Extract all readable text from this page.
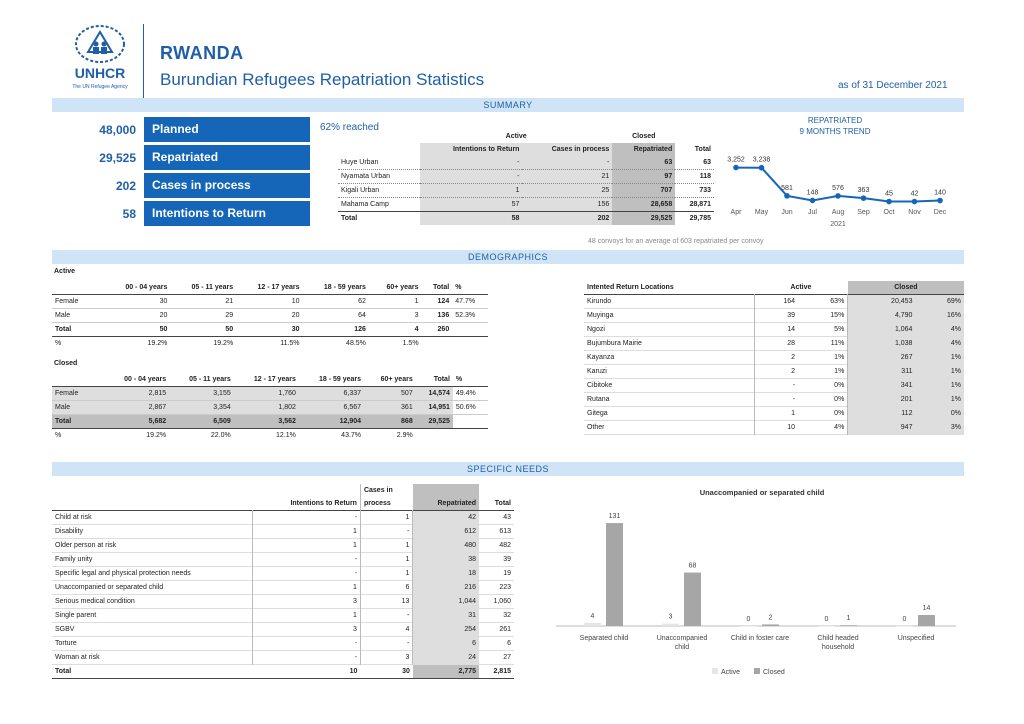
UNHCR
The UN Refugee Agency
RWANDA
Burundian Refugees Repatriation Statistics	as of 31 December 2021
SUMMARY
48,000	Planned
29,525	Repatriated
202	Cases in process
58	Intentions to Return
62% reached
	Active		Closed	
	Intentions to Return	Cases in process	Repatriated	Total
Huye Urban	-	-	63	63
Nyamata Urban	-	21	97	118
Kigali Urban	1	25	707	733
Mahama Camp	57	156	28,658	28,871
Total	58	202	29,525	29,785
48 convoys for an average of 603 repatriated per convoy
REPATRIATED
9 MONTHS TREND
3,252
Apr
3,238
May
581
Jun
148
Jul
576
Aug
363
Sep
45
Oct
42
Nov
140
Dec
2021
DEMOGRAPHICS
Active
	00 - 04 years	05 - 11 years	12 - 17 years	18 - 59 years	60+ years	Total	%
Female	30	21	10	62	1	124	47.7%
Male	20	29	20	64	3	136	52.3%
Total	50	50	30	126	4	260	
%	19.2%	19.2%	11.5%	48.5%	1.5%		
Closed
	00 - 04 years	05 - 11 years	12 - 17 years	18 - 59 years	60+ years	Total	%
Female	2,815	3,155	1,760	6,337	507	14,574	49.4%
Male	2,867	3,354	1,802	6,567	361	14,951	50.6%
Total	5,682	6,509	3,562	12,904	868	29,525	
%	19.2%	22.0%	12.1%	43.7%	2.9%		
Intented Return Locations	Active		Closed	
Kirundo	164	63%	20,453	69%
Muyinga	39	15%	4,790	16%
Ngozi	14	5%	1,064	4%
Bujumbura Mairie	28	11%	1,038	4%
Kayanza	2	1%	267	1%
Karuzi	2	1%	311	1%
Cibitoke	-	0%	341	1%
Rutana	-	0%	201	1%
Gitega	1	0%	112	0%
Other	10	4%	947	3%
SPECIFIC NEEDS
		Cases in		
	Intentions to Return	process	Repatriated	Total
Child at risk	-	1	42	43
Disability	1	-	612	613
Older person at risk	1	1	480	482
Family unity	-	1	38	39
Specific legal and physical protection needs	-	1	18	19
Unaccompanied or separated child	1	6	216	223
Serious medical condition	3	13	1,044	1,060
Single parent	1	-	31	32
SGBV	3	4	254	261
Torture	-	-	6	6
Woman at risk	-	3	24	27
Total	10	30	2,775	2,815
Unaccompanied or separated child
4
131
Separated child
3
68
Unaccompanied
child
0	2
Child in foster care
0	1
Child headed
household
0
14
Unspecified
Active	Closed
